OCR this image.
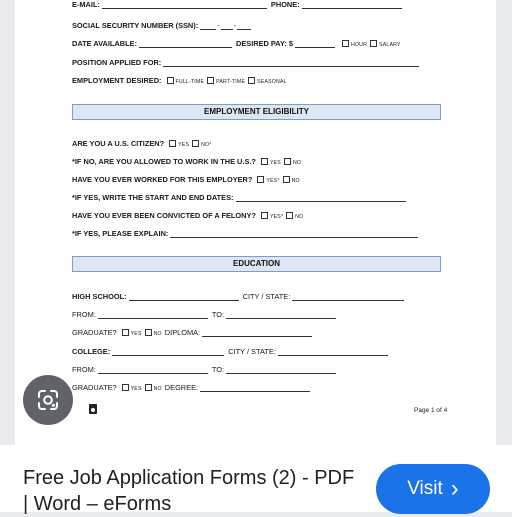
E-MAIL:	PHONE:
SOCIAL SECURITY NUMBER (SSN):	- -
DATE AVAILABLE:	DESIRED PAY: $	HOUR SALARY
POSITION APPLIED FOR:
EMPLOYMENT DESIRED:	FULL-TIME PART-TIME SEASONAL
EMPLOYMENT ELIGIBILITY
ARE YOU A U.S. CITIZEN?	YES NO*
*IF NO, ARE YOU ALLOWED TO WORK IN THE U.S.?	YES NO
HAVE YOU EVER WORKED FOR THIS EMPLOYER?	YES* NO
*IF YES, WRITE THE START AND END DATES:
HAVE YOU EVER BEEN CONVICTED OF A FELONY?	YES* NO
*IF YES, PLEASE EXPLAIN:
EDUCATION
HIGH SCHOOL:	CITY / STATE:
FROM:	TO:
GRADUATE?	YES NO DIPLOMA:
COLLEGE:	CITY / STATE:
FROM:	TO:
GRADUATE?	YES NO DEGREE:
Page 1 of 4
Free Job Application Forms (2) - PDF | Word – eForms
Visit ›
